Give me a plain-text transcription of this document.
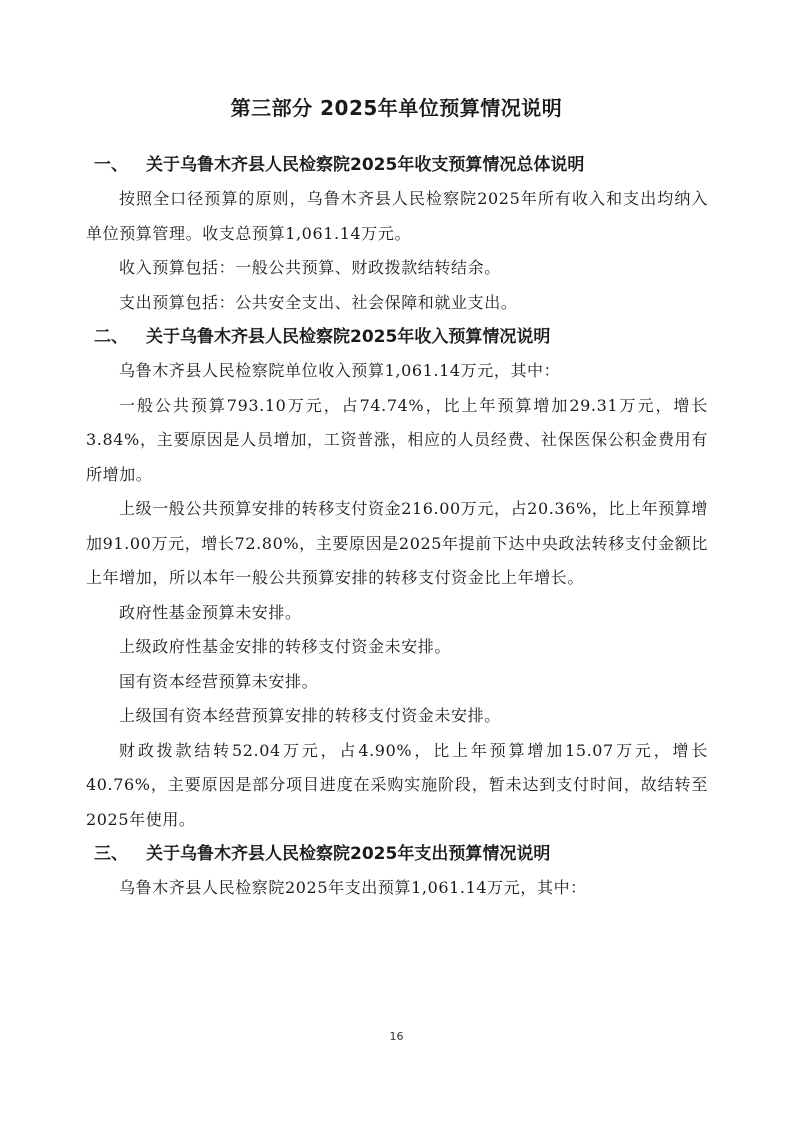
第三部分 2025年单位预算情况说明
一、 关于乌鲁木齐县人民检察院2025年收支预算情况总体说明

按照全口径预算的原则，乌鲁木齐县人民检察院2025年所有收入和支出均纳入单位预算管理。收支总预算1,061.14万元。

收入预算包括：一般公共预算、财政拨款结转结余。

支出预算包括：公共安全支出、社会保障和就业支出。

二、 关于乌鲁木齐县人民检察院2025年收入预算情况说明

乌鲁木齐县人民检察院单位收入预算1,061.14万元，其中：

一般公共预算793.10万元，占74.74%，比上年预算增加29.31万元，增长3.84%，主要原因是人员增加，工资普涨，相应的人员经费、社保医保公积金费用有所增加。

上级一般公共预算安排的转移支付资金216.00万元，占20.36%，比上年预算增加91.00万元，增长72.80%，主要原因是2025年提前下达中央政法转移支付金额比上年增加，所以本年一般公共预算安排的转移支付资金比上年增长。

政府性基金预算未安排。

上级政府性基金安排的转移支付资金未安排。

国有资本经营预算未安排。

上级国有资本经营预算安排的转移支付资金未安排。

财政拨款结转52.04万元，占4.90%，比上年预算增加15.07万元，增长40.76%，主要原因是部分项目进度在采购实施阶段，暂未达到支付时间，故结转至2025年使用。

三、 关于乌鲁木齐县人民检察院2025年支出预算情况说明

乌鲁木齐县人民检察院2025年支出预算1,061.14万元，其中：

16
